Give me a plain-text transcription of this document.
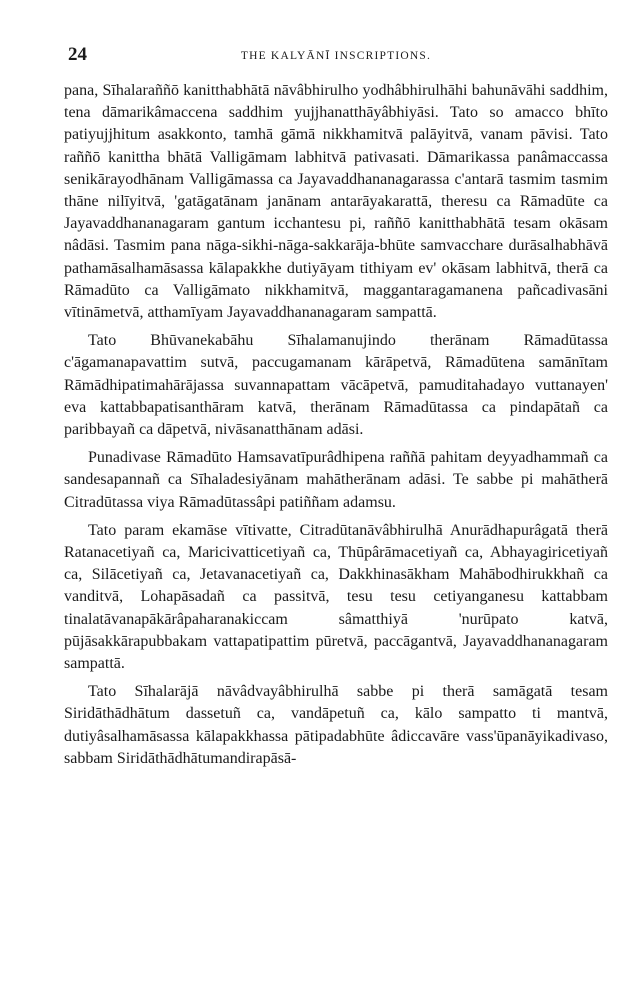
24	THE KALYĀNĪ INSCRIPTIONS.

pana, Sīhalaraññō kanitthabhātā nāvâbhirulho yodhâbhirulhāhi bahunāvāhi saddhim, tena dāmarikâmaccena saddhim yujjhanatthāyâbhiyāsi. Tato so amacco bhīto patiyujjhitum asakkonto, tamhā gāmā nikkhamitvā palāyitvā, vanam pāvisi. Tato raññō kanittha bhātā Valligāmam labhitvā pativasati. Dāmarikassa panâmaccassa senikārayodhānam Valligāmassa ca Jayavaddhananagarassa c'antarā tasmim tasmim thāne nilīyitvā, 'gatāgatānam janānam antarāyakarattā, theresu ca Rāmadūte ca Jayavaddhananagaram gantum icchantesu pi, raññō kanitthabhātā tesam okāsam nâdāsi. Tasmim pana nāga-sikhi-nāga-sakkarāja-bhūte samvacchare durāsalhabhāvā pathamāsalhamāsassa kālapakkhe dutiyāyam tithiyam ev' okāsam labhitvā, therā ca Rāmadūto ca Valligāmato nikkhamitvā, maggantaragamanena pañcadivasāni vītināmetvā, atthamīyam Jayavaddhananagaram sampattā.

Tato Bhūvanekabāhu Sīhalamanujindo therānam Rāmadūtassa c'āgamanapavattim sutvā, paccugamanam kārāpetvā, Rāmadūtena samānītam Rāmādhipatimahārājassa suvannapattam vācāpetvā, pamuditahadayo vuttanayen' eva kattabbapatisanthāram katvā, therānam Rāmadūtassa ca pindapātañ ca paribbayañ ca dāpetvā, nivāsanatthānam adāsi.

Punadivase Rāmadūto Hamsavatīpurâdhipena raññā pahitam deyyadhammañ ca sandesapannañ ca Sīhaladesiyānam mahātherānam adāsi. Te sabbe pi mahātherā Citradūtassa viya Rāmadūtassâpi patiññam adamsu.

Tato param ekamāse vītivatte, Citradūtanāvâbhirulhā Anurādhapurâgatā therā Ratanacetiyañ ca, Maricivatticetiyañ ca, Thūpârāmacetiyañ ca, Abhayagiricetiyañ ca, Silācetiyañ ca, Jetavanacetiyañ ca, Dakkhinasākham Mahābodhirukkhañ ca vanditvā, Lohapāsadañ ca passitvā, tesu tesu cetiyanganesu kattabbam tinalatāvanapākārâpaharanakiccam sâmatthiyā 'nurūpato katvā, pūjāsakkārapubbakam vattapatipattim pūretvā, paccāgantvā, Jayavaddhananagaram sampattā.

Tato Sīhalarājā nāvâdvayâbhirulhā sabbe pi therā samāgatā tesam Siridāthādhātum dassetuñ ca, vandāpetuñ ca, kālo sampatto ti mantvā, dutiyâsalhamāsassa kālapakkhassa pātipadabhūte âdiccavāre vass'ūpanāyikadivaso, sabbam Siridāthādhātumandirapāsā-
